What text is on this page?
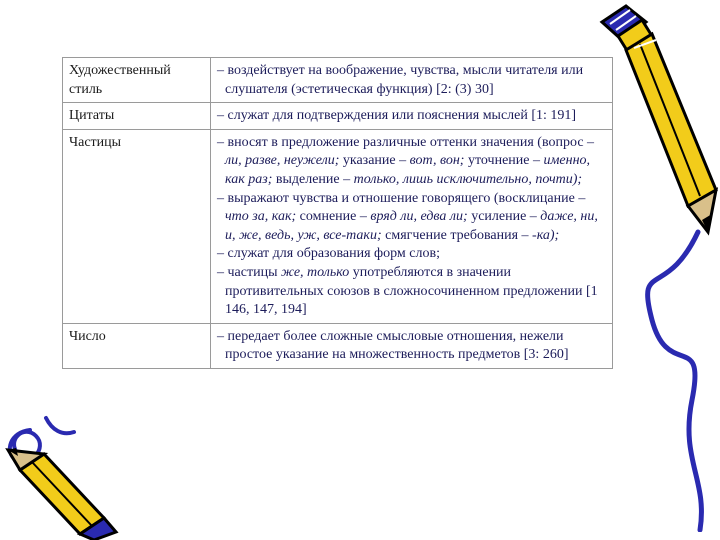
Художественный стиль	– воздействует на воображение, чувства, мысли читателя или слушателя (эстетическая функция) [2: (3) 30]

Цитаты	– служат для подтверждения или пояснения мыслей [1: 191]

Частицы	– вносят в предложение различные оттенки значения (вопрос – ли, разве, неужели; указание – вот, вон; уточнение – именно, как раз; выделение – только, лишь исключительно, почти);

– выражают чувства и отношение говорящего (восклицание – что за, как; сомнение – вряд ли, едва ли; усиление – даже, ни, и, же, ведь, уж, все-таки; смягчение требования – -ка);

– служат для образования форм слов;

– частицы же, только употребляются в значении противительных союзов в сложносочиненном предложении [1 146, 147, 194]

Число	– передает более сложные смысловые отношения, нежели простое указание на множественность предметов [3: 260]
